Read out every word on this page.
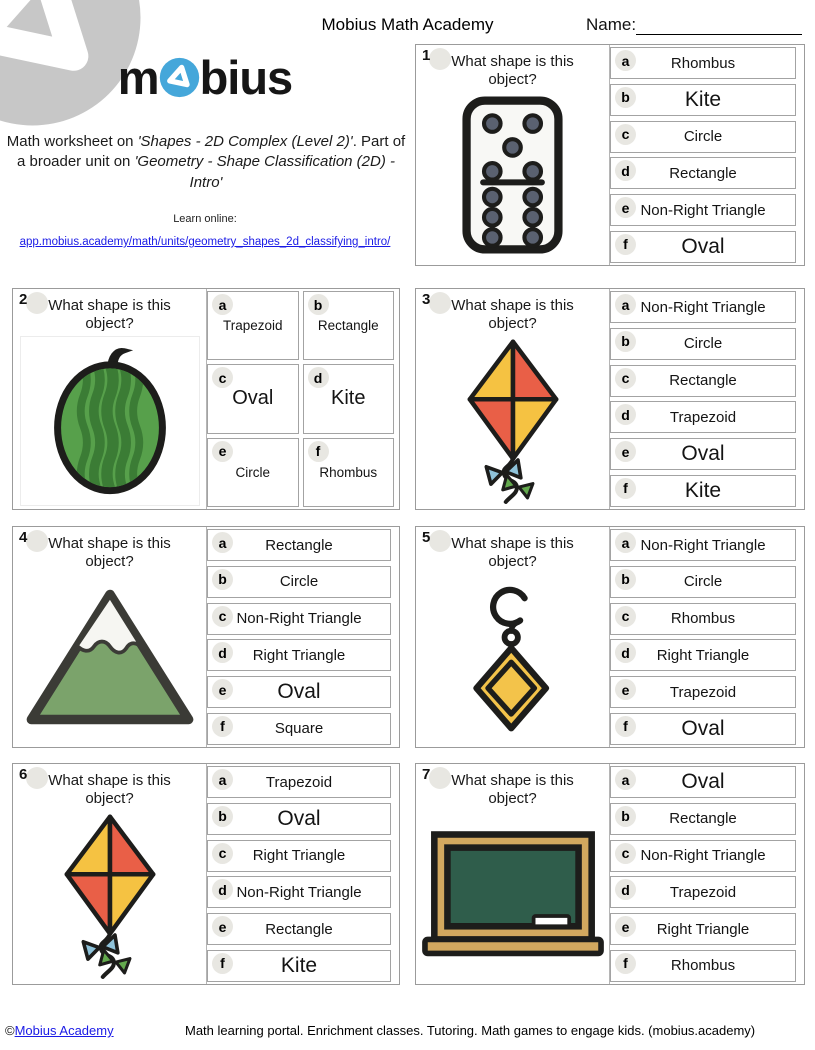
Mobius Math Academy	Name:
m bius
Math worksheet on 'Shapes - 2D Complex (Level 2)'. Part of a broader unit on 'Geometry - Shape Classification (2D) - Intro'
Learn online:
app.mobius.academy/math/units/geometry_shapes_2d_classifying_intro/
1	What shape is this object?
a	Rhombus
b	Kite
c	Circle
d	Rectangle
e Non-Right Triangle
f	Oval
2	What shape is this object?
a
Trapezoid
b
Rectangle
c
Oval
d
Kite
e
Circle
f
Rhombus
3	What shape is this object?
a Non-Right Triangle
b	Circle
c	Rectangle
d	Trapezoid
e	Oval
f	Kite
4	What shape is this object?
a	Rectangle
b	Circle
c Non-Right Triangle
d	Right Triangle
e	Oval
f	Square
5	What shape is this object?
a Non-Right Triangle
b	Circle
c	Rhombus
d	Right Triangle
e	Trapezoid
f	Oval
6	What shape is this object?
a	Trapezoid
b Oval
c	Right Triangle
d Non-Right Triangle
e	Rectangle
f	Kite
7	What shape is this object?
a	Oval
b	Rectangle
c Non-Right Triangle
d	Trapezoid
e	Right Triangle
f	Rhombus
©Mobius Academy	Math learning portal. Enrichment classes. Tutoring. Math games to engage kids. (mobius.academy)
